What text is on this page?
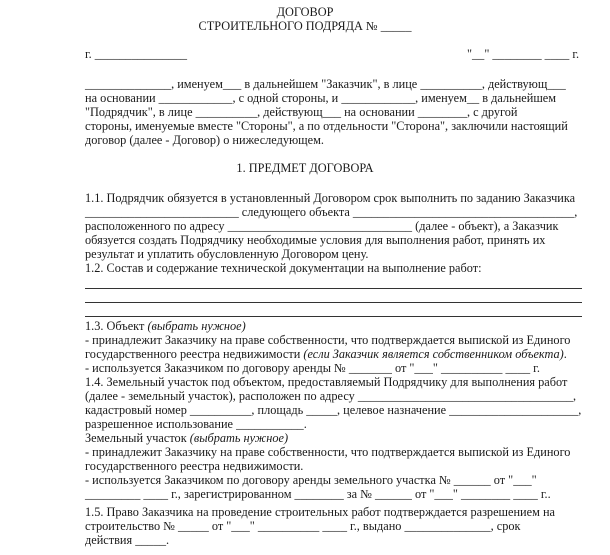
ДОГОВОР
СТРОИТЕЛЬНОГО ПОДРЯДА № _____
г. _______________	"__" ________ ____ г.
______________, именуем___ в дальнейшем "Заказчик", в лице __________, действующ___
на основании ____________, с одной стороны, и ____________, именуем__ в дальнейшем
"Подрядчик", в лице __________, действующ___ на основании ________, с другой
стороны, именуемые вместе "Стороны", а по отдельности "Сторона", заключили настоящий
договор (далее - Договор) о нижеследующем.
1. ПРЕДМЕТ ДОГОВОРА
1.1. Подрядчик обязуется в установленный Договором срок выполнить по заданию Заказчика
_________________________ следующего объекта ____________________________________,
расположенного по адресу ______________________________ (далее - объект), а Заказчик
обязуется создать Подрядчику необходимые условия для выполнения работ, принять их
результат и уплатить обусловленную Договором цену.
1.2. Состав и содержание технической документации на выполнение работ:
1.3. Объект (выбрать нужное)
- принадлежит Заказчику на праве собственности, что подтверждается выпиской из Единого
государственного реестра недвижимости (если Заказчик является собственником объекта).
- используется Заказчиком по договору аренды № _______ от "___" __________ ____ г.
1.4. Земельный участок под объектом, предоставляемый Подрядчику для выполнения работ
(далее - земельный участок), расположен по адресу ___________________________________,
кадастровый номер __________, площадь _____, целевое назначение _____________________,
разрешенное использование ___________.
Земельный участок (выбрать нужное)
- принадлежит Заказчику на праве собственности, что подтверждается выпиской из Единого
государственного реестра недвижимости.
- используется Заказчиком по договору аренды земельного участка № ______ от "___"
_________ ____ г., зарегистрированном ________ за № ______ от "___" ________ ____ г..
1.5. Право Заказчика на проведение строительных работ подтверждается разрешением на
строительство № _____ от "___" __________ ____ г., выдано ______________, срок
действия _____.
